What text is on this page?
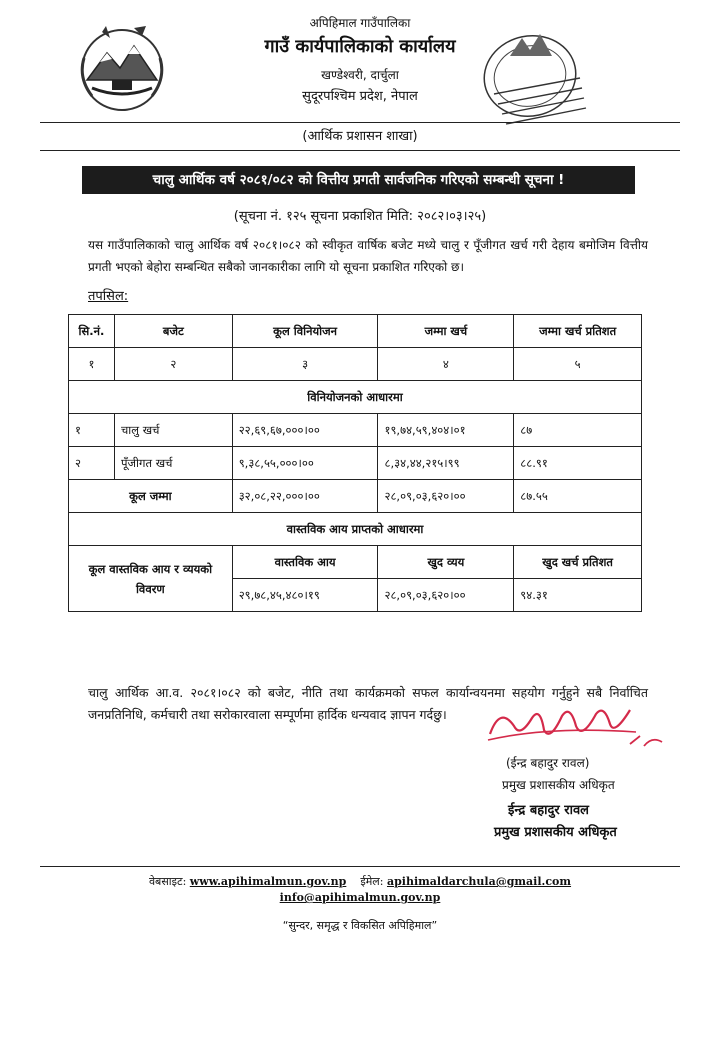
अपिहिमाल गाउँपालिका
गाउँ कार्यपालिकाको कार्यालय
खण्डेश्वरी, दार्चुला
सुदूरपश्चिम प्रदेश, नेपाल
(आर्थिक प्रशासन शाखा)
चालु आर्थिक वर्ष २०८१/०८२ को वित्तीय प्रगती सार्वजनिक गरिएको सम्बन्धी सूचना !
(सूचना नं. १२५ सूचना प्रकाशित मिति: २०८२।०३।२५)
यस गाउँपालिकाको चालु आर्थिक वर्ष २०८१।०८२ को स्वीकृत वार्षिक बजेट मध्ये चालु र पूँजीगत खर्च गरी देहाय बमोजिम वित्तीय प्रगती भएको बेहोरा सम्बन्धित सबैको जानकारीका लागि यो सूचना प्रकाशित गरिएको छ।
तपसिल:
सि.नं.	बजेट	कूल विनियोजन	जम्मा खर्च	जम्मा खर्च प्रतिशत
१	२	३	४	५
विनियोजनको आधारमा				
१	चालु खर्च	२२,६९,६७,०००।००	१९,७४,५९,४०४।०१	८७
२	पूँजीगत खर्च	९,३८,५५,०००।००	८,३४,४४,२१५।९९	८८.९१
कूल जम्मा		३२,०८,२२,०००।००	२८,०९,०३,६२०।००	८७.५५
वास्तविक आय प्राप्तको आधारमा				
कूल वास्तविक आय र व्ययको विवरण		वास्तविक आय	खुद व्यय	खुद खर्च प्रतिशत
		२९,७८,४५,४८०।१९	२८,०९,०३,६२०।००	९४.३१
चालु आर्थिक आ.व. २०८१।०८२ को बजेट, नीति तथा कार्यक्रमको सफल कार्यान्वयनमा सहयोग गर्नुहुने सबै निर्वाचित जनप्रतिनिधि, कर्मचारी तथा सरोकारवाला सम्पूर्णमा हार्दिक धन्यवाद ज्ञापन गर्दछु।
(ईन्द्र बहादुर रावल)
प्रमुख प्रशासकीय अधिकृत
ईन्द्र बहादुर रावल
प्रमुख प्रशासकीय अधिकृत
वेबसाइट: www.apihimalmun.gov.np ईमेल: apihimaldarchula@gmail.com
info@apihimalmun.gov.np
“सुन्दर, समृद्ध र विकसित अपिहिमाल”
